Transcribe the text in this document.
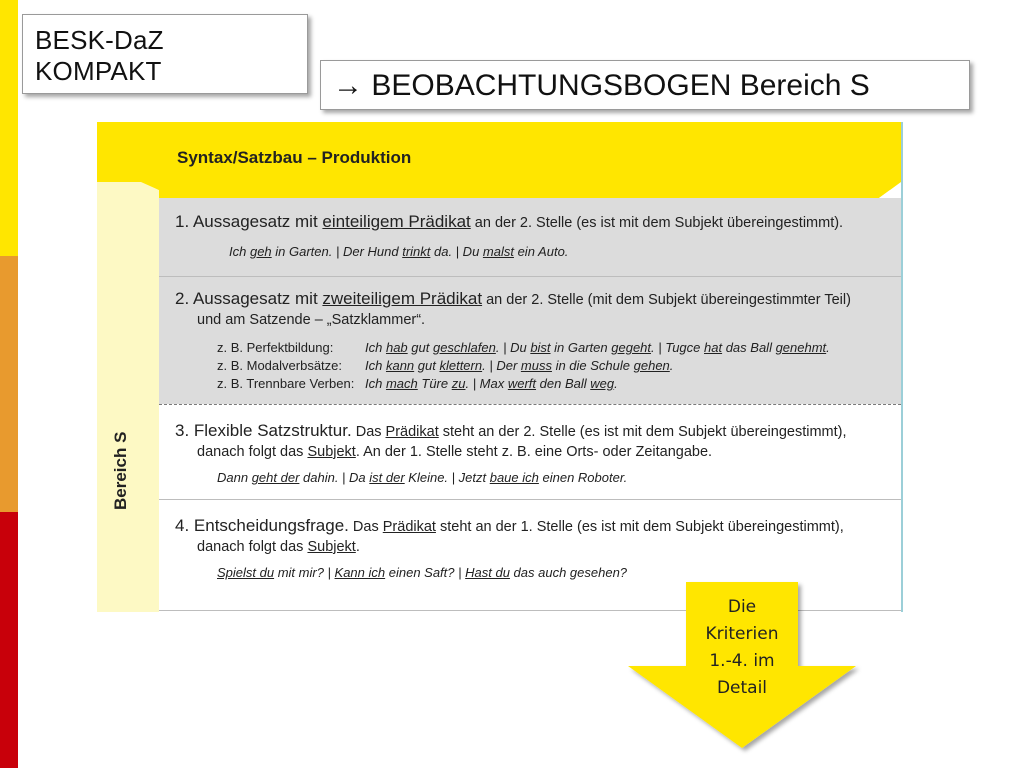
BESK-DaZ KOMPAKT	→ BEOBACHTUNGSBOGEN Bereich S
Syntax/Satzbau – Produktion
Bereich S
1. Aussagesatz mit einteiligem Prädikat an der 2. Stelle (es ist mit dem Subjekt übereingestimmt).
Ich geh in Garten. | Der Hund trinkt da. | Du malst ein Auto.
2. Aussagesatz mit zweiteiligem Prädikat an der 2. Stelle (mit dem Subjekt übereingestimmter Teil)
und am Satzende – „Satzklammer“.
z. B. Perfektbildung: Ich hab gut geschlafen. | Du bist in Garten gegeht. | Tugce hat das Ball genehmt.
z. B. Modalverbsätze: Ich kann gut klettern. | Der muss in die Schule gehen.
z. B. Trennbare Verben: Ich mach Türe zu. | Max werft den Ball weg.
3. Flexible Satzstruktur. Das Prädikat steht an der 2. Stelle (es ist mit dem Subjekt übereingestimmt),
danach folgt das Subjekt. An der 1. Stelle steht z. B. eine Orts- oder Zeitangabe.
Dann geht der dahin. | Da ist der Kleine. | Jetzt baue ich einen Roboter.
4. Entscheidungsfrage. Das Prädikat steht an der 1. Stelle (es ist mit dem Subjekt übereingestimmt),
danach folgt das Subjekt.
Spielst du mit mir? | Kann ich einen Saft? | Hast du das auch gesehen?
Die
Kriterien
1.-4. im
Detail
